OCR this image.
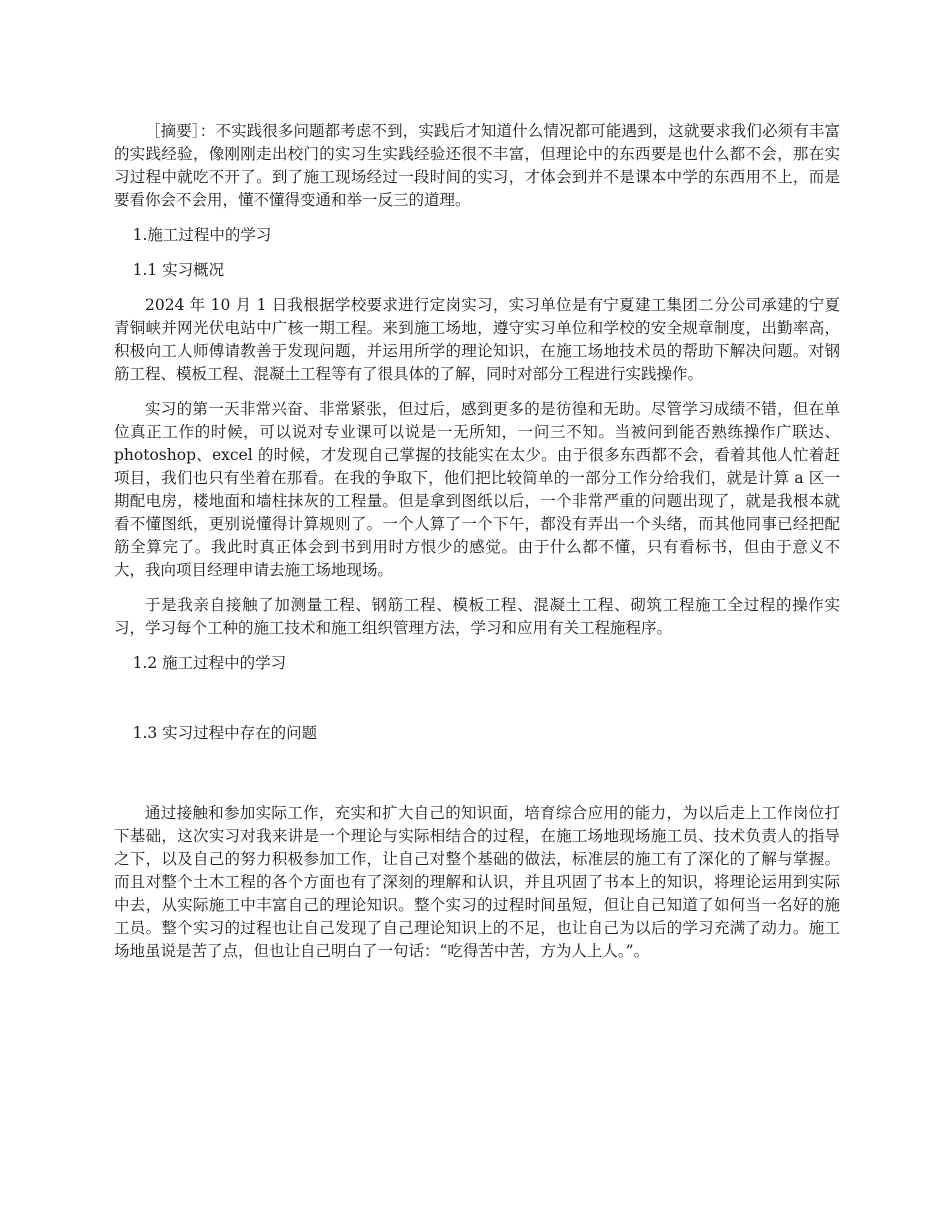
［摘要］：不实践很多问题都考虑不到，实践后才知道什么情况都可能遇到，这就要求我们必须有丰富的实践经验，像刚刚走出校门的实习生实践经验还很不丰富，但理论中的东西要是也什么都不会，那在实习过程中就吃不开了。到了施工现场经过一段时间的实习，才体会到并不是课本中学的东西用不上，而是要看你会不会用，懂不懂得变通和举一反三的道理。

1.施工过程中的学习

1.1 实习概况

2024 年 10 月 1 日我根据学校要求进行定岗实习，实习单位是有宁夏建工集团二分公司承建的宁夏青铜峡并网光伏电站中广核一期工程。来到施工场地，遵守实习单位和学校的安全规章制度，出勤率高，积极向工人师傅请教善于发现问题，并运用所学的理论知识，在施工场地技术员的帮助下解决问题。对钢筋工程、模板工程、混凝土工程等有了很具体的了解，同时对部分工程进行实践操作。

实习的第一天非常兴奋、非常紧张，但过后，感到更多的是彷徨和无助。尽管学习成绩不错，但在单位真正工作的时候，可以说对专业课可以说是一无所知，一问三不知。当被问到能否熟练操作广联达、photoshop、excel 的时候，才发现自己掌握的技能实在太少。由于很多东西都不会，看着其他人忙着赶项目，我们也只有坐着在那看。在我的争取下，他们把比较简单的一部分工作分给我们，就是计算 a 区一期配电房，楼地面和墙柱抹灰的工程量。但是拿到图纸以后，一个非常严重的问题出现了，就是我根本就看不懂图纸，更别说懂得计算规则了。一个人算了一个下午，都没有弄出一个头绪，而其他同事已经把配筋全算完了。我此时真正体会到书到用时方恨少的感觉。由于什么都不懂，只有看标书，但由于意义不大，我向项目经理申请去施工场地现场。

于是我亲自接触了加测量工程、钢筋工程、模板工程、混凝土工程、砌筑工程施工全过程的操作实习，学习每个工种的施工技术和施工组织管理方法，学习和应用有关工程施程序。

1.2 施工过程中的学习

1.3 实习过程中存在的问题

通过接触和参加实际工作，充实和扩大自己的知识面，培育综合应用的能力，为以后走上工作岗位打下基础，这次实习对我来讲是一个理论与实际相结合的过程，在施工场地现场施工员、技术负责人的指导之下，以及自己的努力积极参加工作，让自己对整个基础的做法，标准层的施工有了深化的了解与掌握。而且对整个土木工程的各个方面也有了深刻的理解和认识，并且巩固了书本上的知识，将理论运用到实际中去，从实际施工中丰富自己的理论知识。整个实习的过程时间虽短，但让自己知道了如何当一名好的施工员。整个实习的过程也让自己发现了自己理论知识上的不足，也让自己为以后的学习充满了动力。施工场地虽说是苦了点，但也让自己明白了一句话：“吃得苦中苦，方为人上人。”。
